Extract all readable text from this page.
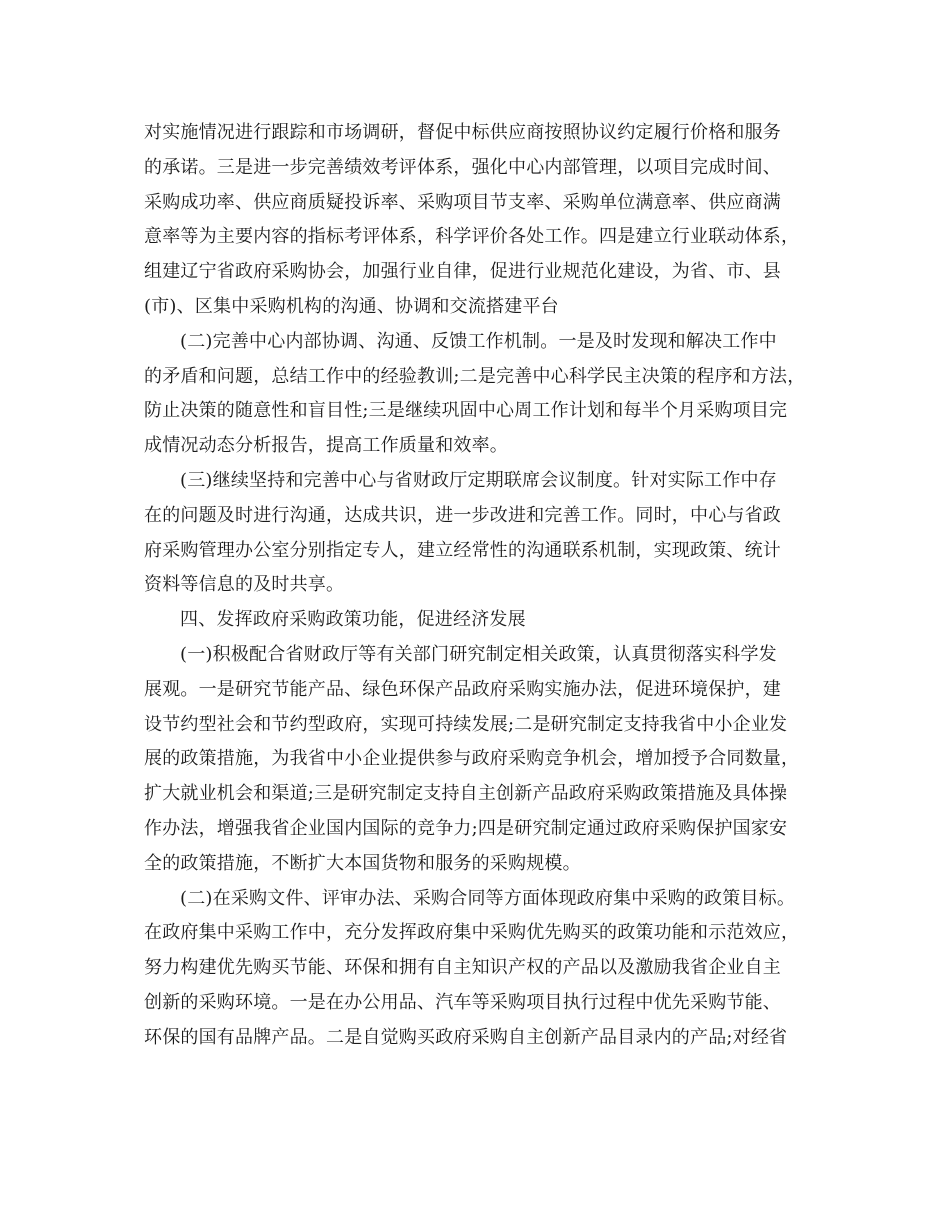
对实施情况进行跟踪和市场调研，督促中标供应商按照协议约定履行价格和服务
的承诺。三是进一步完善绩效考评体系，强化中心内部管理，以项目完成时间、
采购成功率、供应商质疑投诉率、采购项目节支率、采购单位满意率、供应商满
意率等为主要内容的指标考评体系，科学评价各处工作。四是建立行业联动体系，
组建辽宁省政府采购协会，加强行业自律，促进行业规范化建设，为省、市、县
(市)、区集中采购机构的沟通、协调和交流搭建平台
(二)完善中心内部协调、沟通、反馈工作机制。一是及时发现和解决工作中
的矛盾和问题，总结工作中的经验教训;二是完善中心科学民主决策的程序和方法，
防止决策的随意性和盲目性;三是继续巩固中心周工作计划和每半个月采购项目完
成情况动态分析报告，提高工作质量和效率。
(三)继续坚持和完善中心与省财政厅定期联席会议制度。针对实际工作中存
在的问题及时进行沟通，达成共识，进一步改进和完善工作。同时，中心与省政
府采购管理办公室分别指定专人，建立经常性的沟通联系机制，实现政策、统计
资料等信息的及时共享。
四、发挥政府采购政策功能，促进经济发展
(一)积极配合省财政厅等有关部门研究制定相关政策，认真贯彻落实科学发
展观。一是研究节能产品、绿色环保产品政府采购实施办法，促进环境保护，建
设节约型社会和节约型政府，实现可持续发展;二是研究制定支持我省中小企业发
展的政策措施，为我省中小企业提供参与政府采购竞争机会，增加授予合同数量，
扩大就业机会和渠道;三是研究制定支持自主创新产品政府采购政策措施及具体操
作办法，增强我省企业国内国际的竞争力;四是研究制定通过政府采购保护国家安
全的政策措施，不断扩大本国货物和服务的采购规模。
(二)在采购文件、评审办法、采购合同等方面体现政府集中采购的政策目标。
在政府集中采购工作中，充分发挥政府集中采购优先购买的政策功能和示范效应，
努力构建优先购买节能、环保和拥有自主知识产权的产品以及激励我省企业自主
创新的采购环境。一是在办公用品、汽车等采购项目执行过程中优先采购节能、
环保的国有品牌产品。二是自觉购买政府采购自主创新产品目录内的产品;对经省
